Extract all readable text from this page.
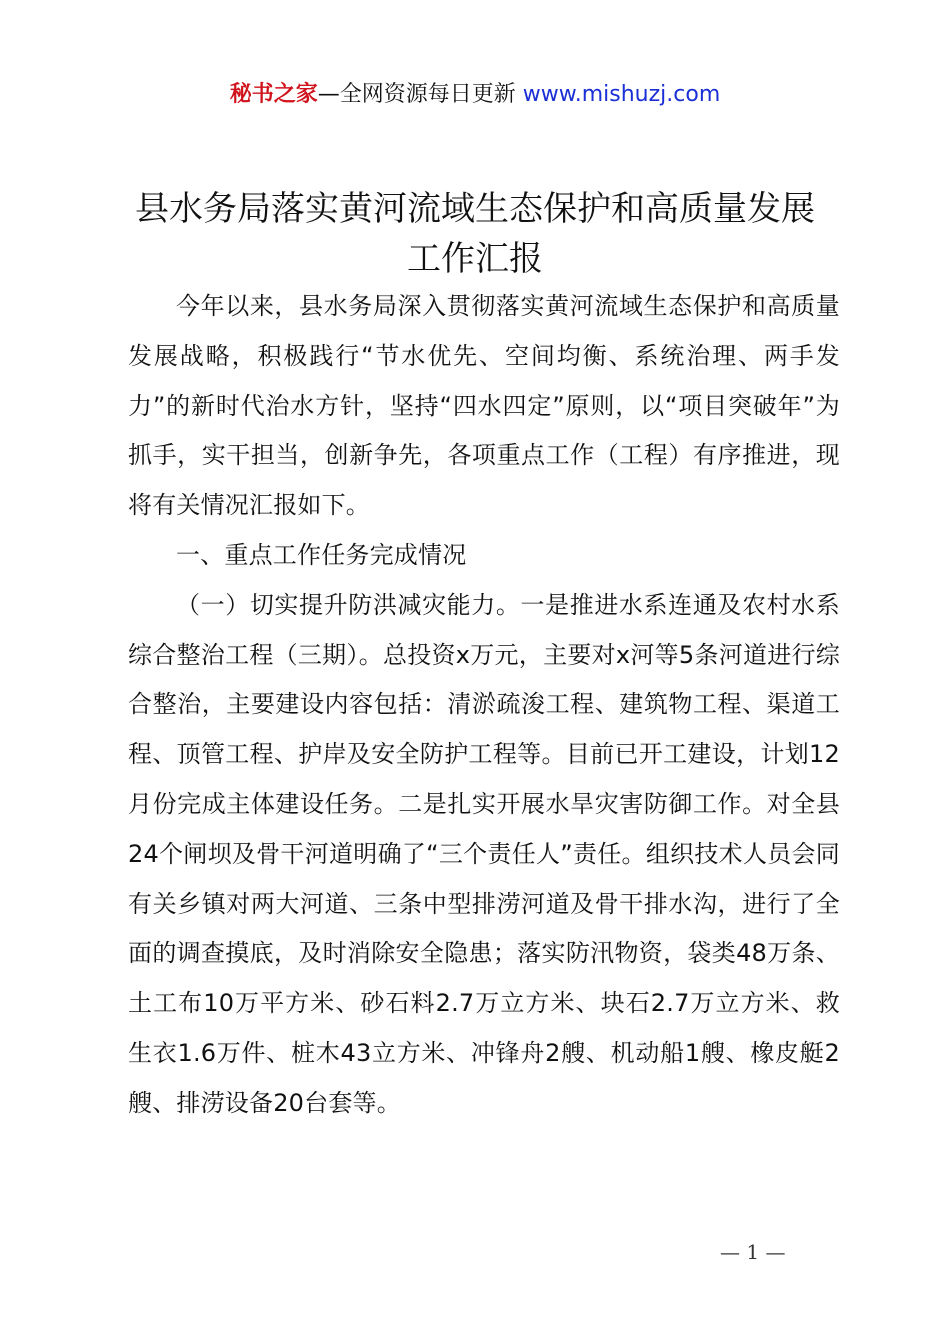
秘书之家—全网资源每日更新 www.mishuzj.com
县水务局落实黄河流域生态保护和高质量发展
工作汇报

今年以来，县水务局深入贯彻落实黄河流域生态保护和高质量发展战略，积极践行“节水优先、空间均衡、系统治理、两手发力”的新时代治水方针，坚持“四水四定”原则，以“项目突破年”为抓手，实干担当，创新争先，各项重点工作（工程）有序推进，现将有关情况汇报如下。

一、重点工作任务完成情况

（一）切实提升防洪减灾能力。一是推进水系连通及农村水系综合整治工程（三期）。总投资x万元，主要对x河等5条河道进行综合整治，主要建设内容包括：清淤疏浚工程、建筑物工程、渠道工程、顶管工程、护岸及安全防护工程等。目前已开工建设，计划12月份完成主体建设任务。二是扎实开展水旱灾害防御工作。对全县24个闸坝及骨干河道明确了“三个责任人”责任。组织技术人员会同有关乡镇对两大河道、三条中型排涝河道及骨干排水沟，进行了全面的调查摸底，及时消除安全隐患；落实防汛物资，袋类48万条、土工布10万平方米、砂石料2.7万立方米、块石2.7万立方米、救生衣1.6万件、桩木43立方米、冲锋舟2艘、机动船1艘、橡皮艇2艘、排涝设备20台套等。

— 1 —
